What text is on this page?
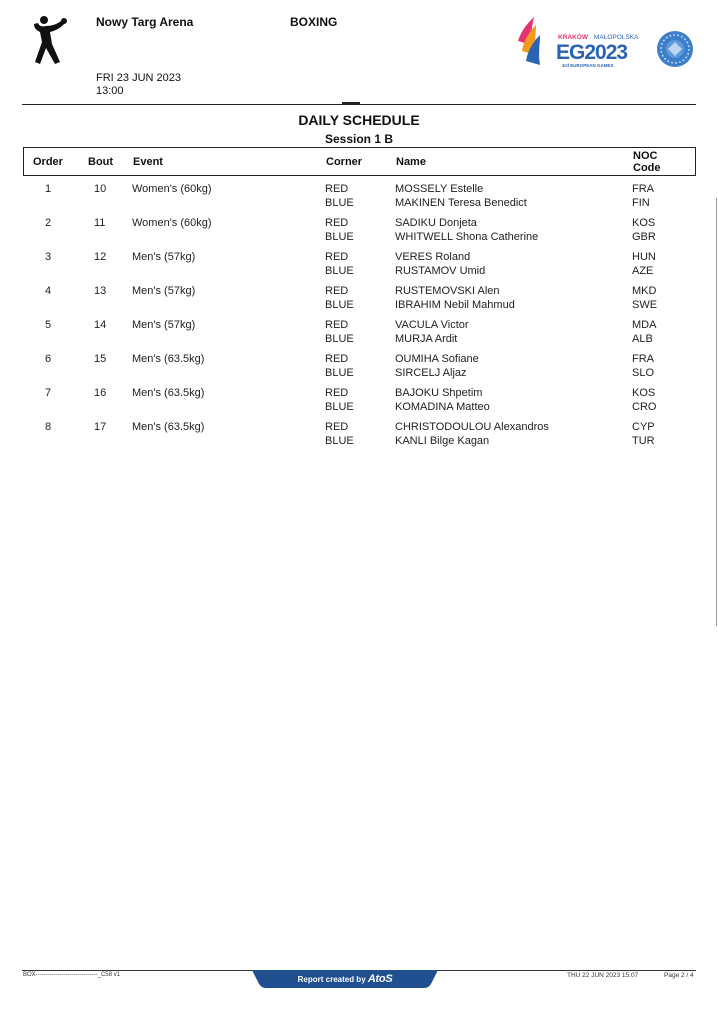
Nowy Targ Arena	BOXING
FRI 23 JUN 2023
13:00
KRAKÓW MAŁOPOLSKA
EG2023
3rd EUROPEAN GAMES
DAILY SCHEDULE
Session 1 B
Order Bout Event	Corner	Name	NOC
Code
1	10 Women's (60kg)	RED	MOSSELY Estelle	FRA
BLUE	MAKINEN Teresa Benedict	FIN
2	11 Women's (60kg)	RED	SADIKU Donjeta	KOS
BLUE	WHITWELL Shona Catherine	GBR
3	12 Men's (57kg)	RED	VERES Roland	HUN
BLUE	RUSTAMOV Umid	AZE
4	13 Men's (57kg)	RED	RUSTEMOVSKI Alen	MKD
BLUE	IBRAHIM Nebil Mahmud	SWE
5	14 Men's (57kg)	RED	VACULA Victor	MDA
BLUE	MURJA Ardit	ALB
6	15 Men's (63.5kg)	RED	OUMIHA Sofiane	FRA
BLUE	SIRCELJ Aljaz	SLO
7	16 Men's (63.5kg)	RED	BAJOKU Shpetim	KOS
BLUE	KOMADINA Matteo	CRO
8	17 Men's (63.5kg)	RED	CHRISTODOULOU Alexandros	CYP
BLUE	KANLI Bilge Kagan	TUR
BOX-------------------------------_C58 v1	Report created by AtoS	THU 22 JUN 2023 15:07	Page 2 / 4
